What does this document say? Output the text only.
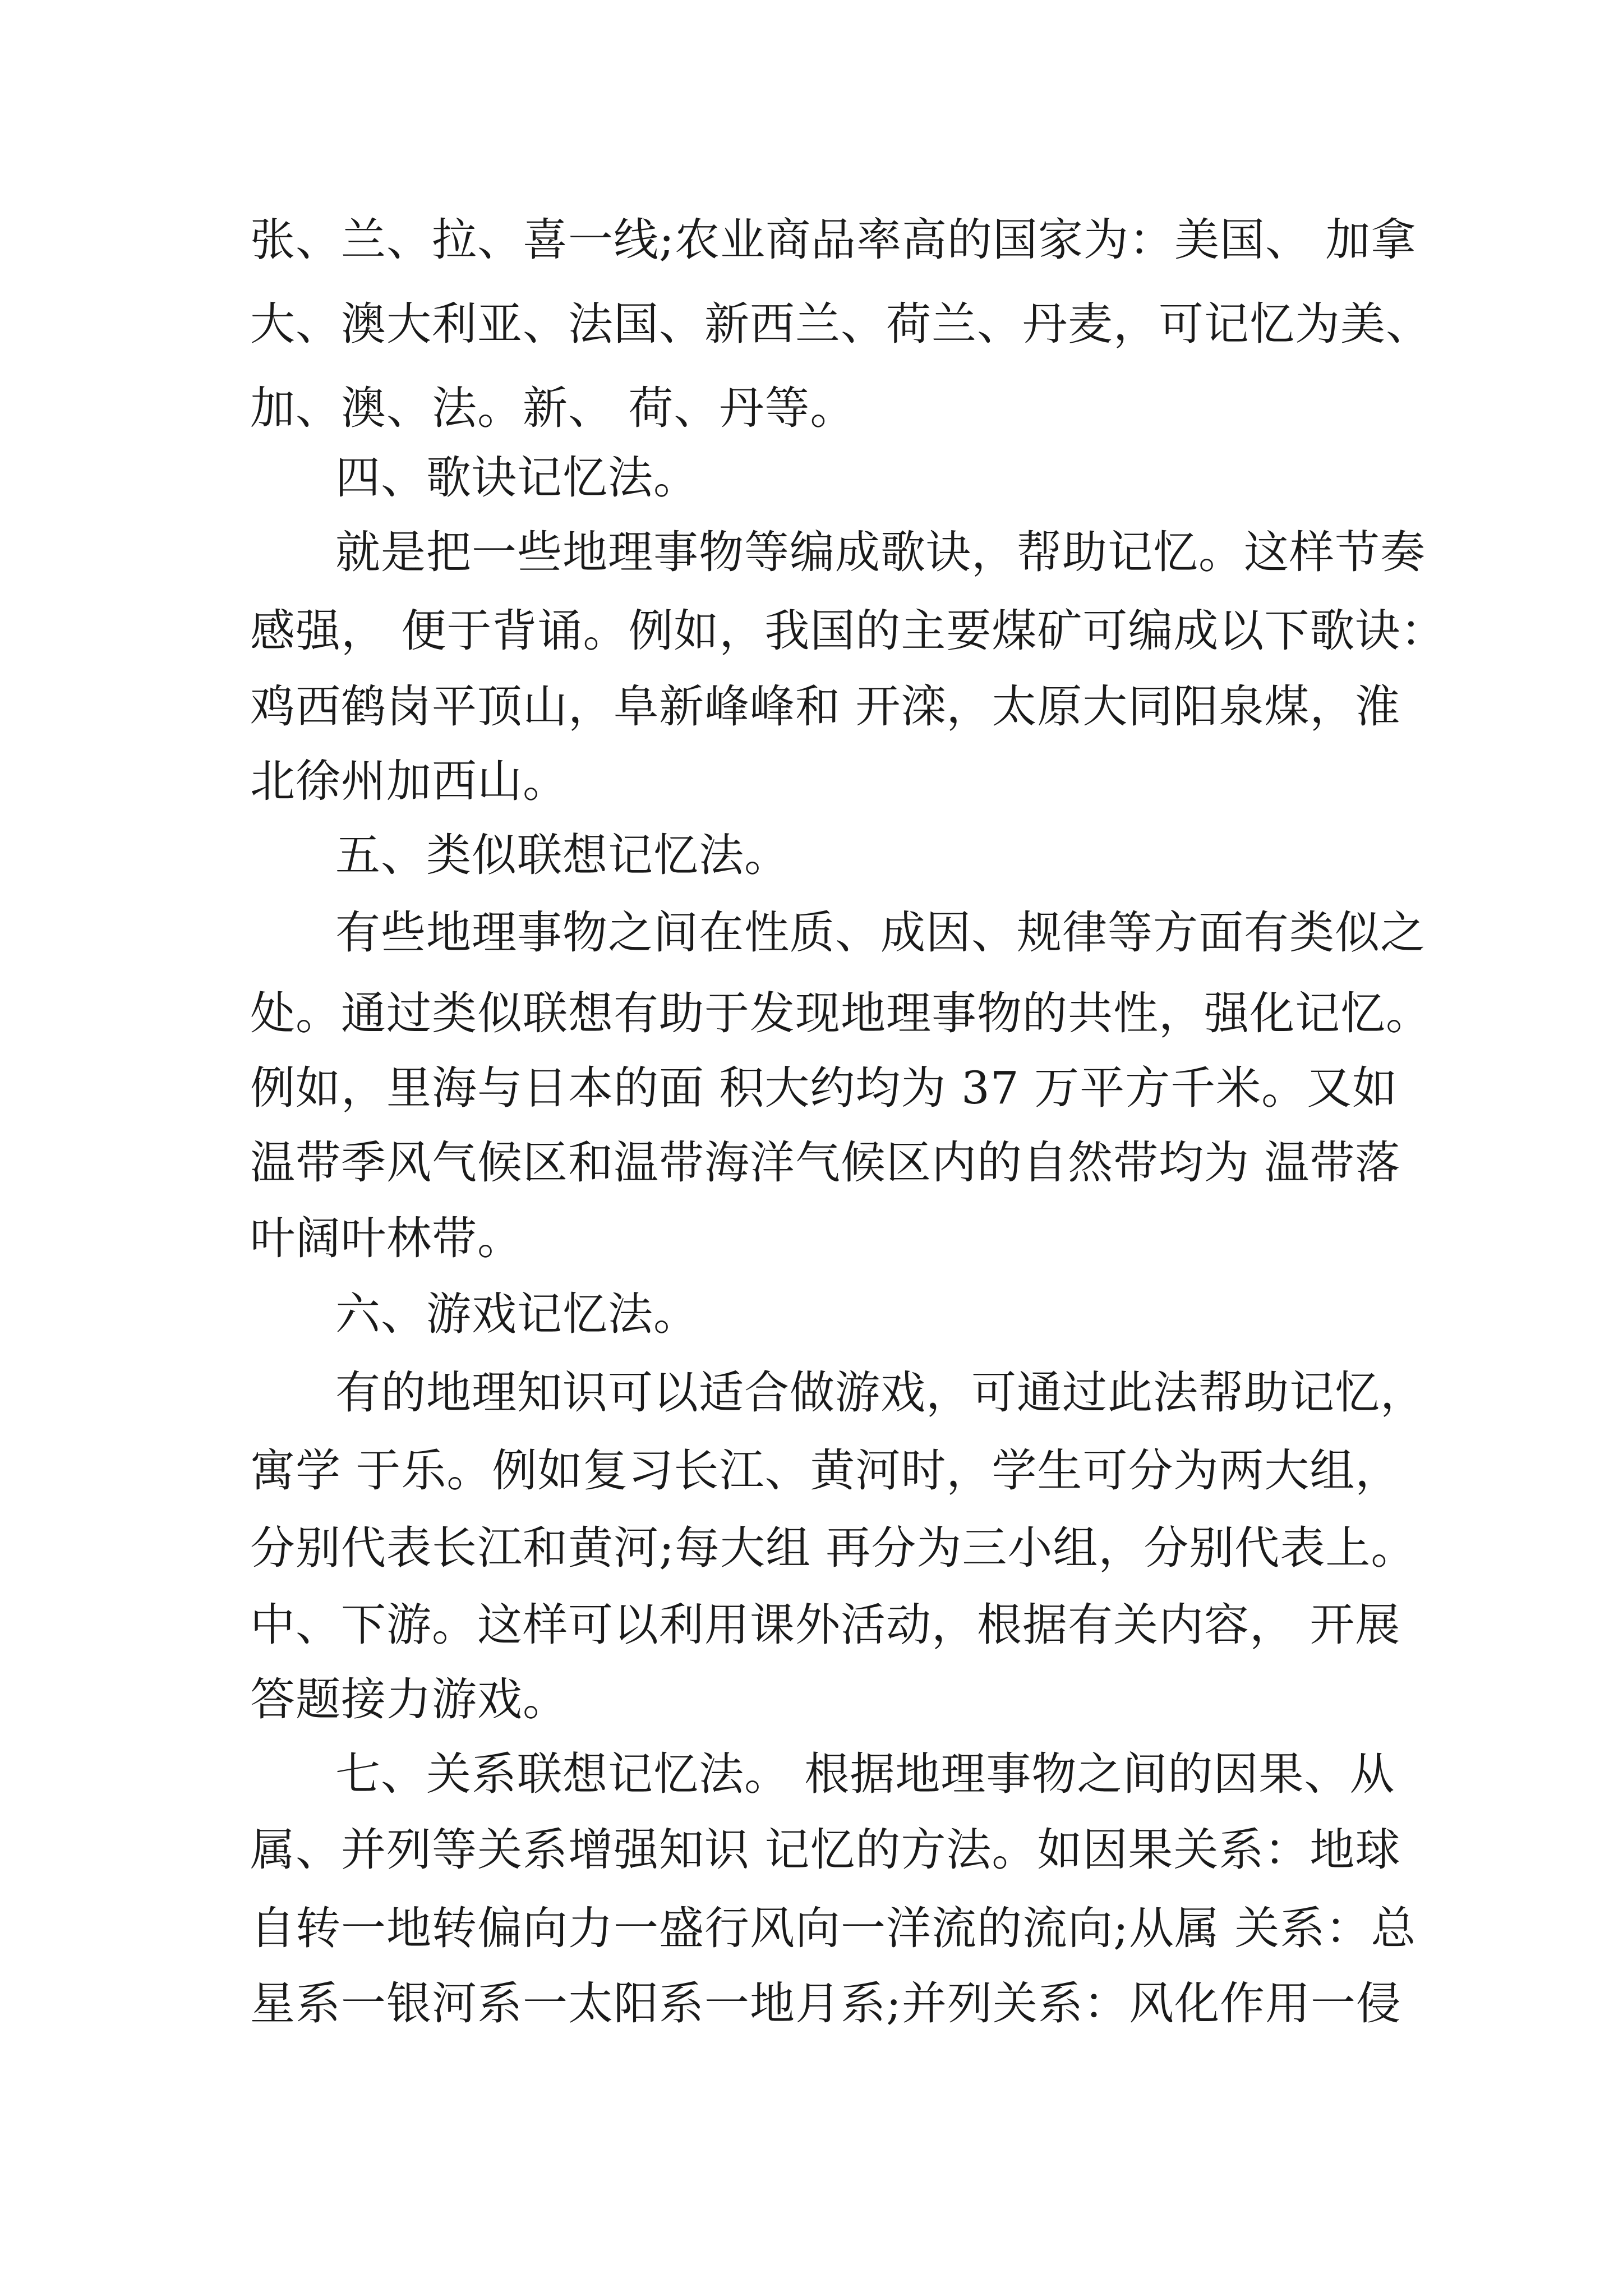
张、兰、拉、喜一线;农业商品率高的国家为：美国、 加拿
大、澳大利亚、法国、新西兰、荷兰、丹麦，可记忆为美、
加、澳、法。新、 荷、丹等。
四、歌诀记忆法。
就是把一些地理事物等编成歌诀，帮助记忆。这样节奏
感强， 便于背诵。例如，我国的主要煤矿可编成以下歌诀：
鸡西鹤岗平顶山，阜新峰峰和 开滦，太原大同阳泉煤，淮
北徐州加西山。
五、类似联想记忆法。
有些地理事物之间在性质、成因、规律等方面有类似之
处。通过类似联想有助于发现地理事物的共性，强化记忆。
例如，里海与日本的面 积大约均为 37 万平方千米。又如
温带季风气候区和温带海洋气候区内的自然带均为 温带落
叶阔叶林带。
六、游戏记忆法。
有的地理知识可以适合做游戏，可通过此法帮助记忆，
寓学 于乐。例如复习长江、黄河时，学生可分为两大组，
分别代表长江和黄河;每大组 再分为三小组，分别代表上。
中、下游。这样可以利用课外活动，根据有关内容， 开展
答题接力游戏。
七、关系联想记忆法。 根据地理事物之间的因果、从
属、并列等关系增强知识 记忆的方法。如因果关系：地球
自转一地转偏向力一盛行风向一洋流的流向;从属 关系：总
星系一银河系一太阳系一地月系;并列关系：风化作用一侵
